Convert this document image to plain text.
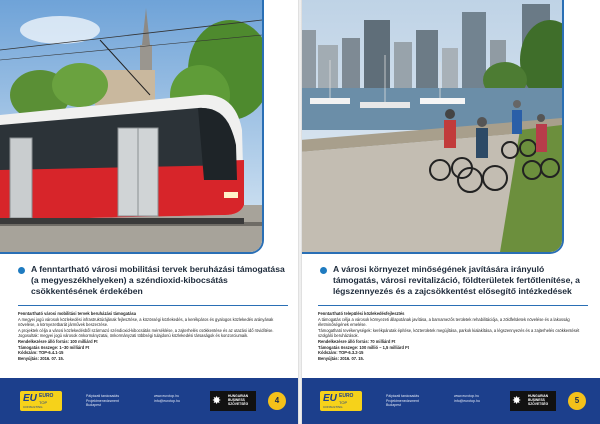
A fenntartható városi mobilitási tervek beruházási támogatása (a megyeszékhelyeken) a széndioxid-kibocsátás csökkentésének érdekében

Fenntartható városi mobilitási tervek beruházási támogatása

A megyei jogú városok közlekedési infrastruktúrájának fejlesztése, a közösségi közlekedés, a kerékpáros és gyalogos közlekedés arányának növelése, a környezetbarát járművek beszerzése.

A projektek célja a városi közlekedésből származó széndioxid-kibocsátás mérséklése, a zajterhelés csökkentése és az utazási idő rövidítése.

Jogosultak: megyei jogú városok önkormányzatai, önkormányzati többségi tulajdonú közlekedési társaságok és konzorciumaik.

Rendelkezésre álló forrás: 100 milliárd Ft

Támogatás összege: 1–30 milliárd Ft

Kódszám: TOP-6.4.1-15

Benyújtás: 2016. 07. 15.

EU EURO
TOP
CONSULTING
Pályázati tanácsadás
Projektmenedzsment
Budapest
www.eurotop.hu
info@eurotop.hu	✸ HUNGARIAN
BUSINESS
SZÖVETSÉG	4
A városi környezet minőségének javítására irányuló támogatás, városi revitalizáció, földterületek fertőtlenítése, a légszennyezés és a zajcsökkentést elősegítő intézkedések

Fenntartható települési közlekedésfejlesztés

A támogatás célja a városok környezeti állapotának javítása, a barnamezős területek rehabilitációja, a zöldfelületek növelése és a lakosság életminőségének emelése.

Támogatható tevékenységek: kerékpárutak építése, közterületek megújítása, parkok kialakítása, a légszennyezés és a zajterhelés csökkentését szolgáló beruházások.

Rendelkezésre álló forrás: 70 milliárd Ft

Támogatás összege: 100 millió – 1,5 milliárd Ft

Kódszám: TOP-6.3.2-15

Benyújtás: 2016. 07. 15.

EU EURO
TOP
CONSULTING
Pályázati tanácsadás
Projektmenedzsment
Budapest
www.eurotop.hu
info@eurotop.hu	✸ HUNGARIAN
BUSINESS
SZÖVETSÉG	5
